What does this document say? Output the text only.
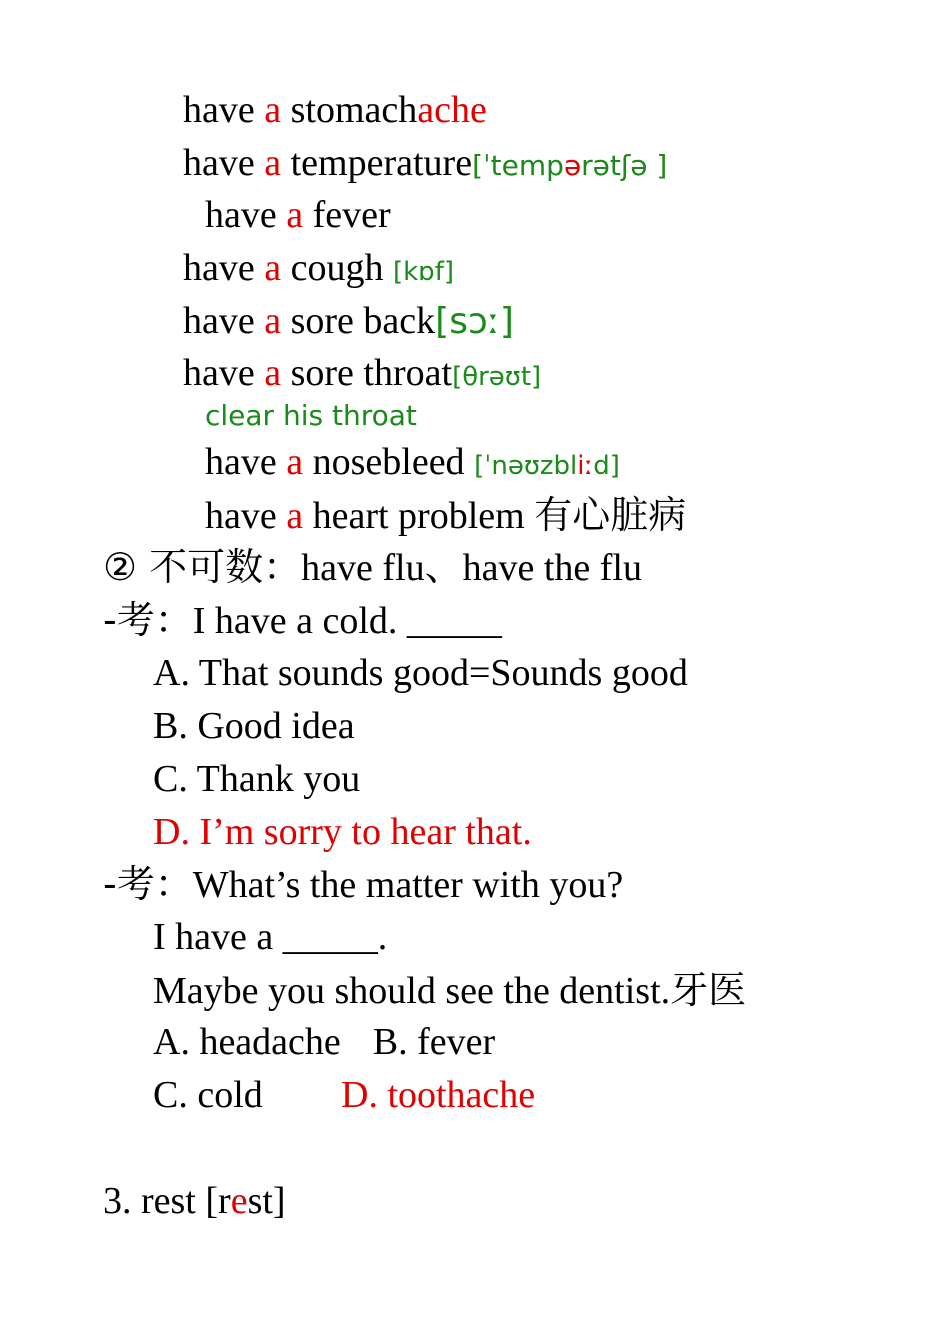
have a stomachache
have a temperature[ˈtempərətʃə ]
have a fever
have a cough [kɒf]
have a sore back[sɔː]
have a sore throat[θrəʊt]
clear his throat
have a nosebleed [ˈnəʊzbliːd]
have a heart problem 有心脏病
② 不可数：have flu、have the flu
-考：I have a cold. _____
A. That sounds good=Sounds good
B. Good idea
C. Thank you
D. I’m sorry to hear that.
-考：What’s the matter with you?
I have a _____.
Maybe you should see the dentist.牙医
A. headache B. fever
C. cold D. toothache
3. rest [rest]
